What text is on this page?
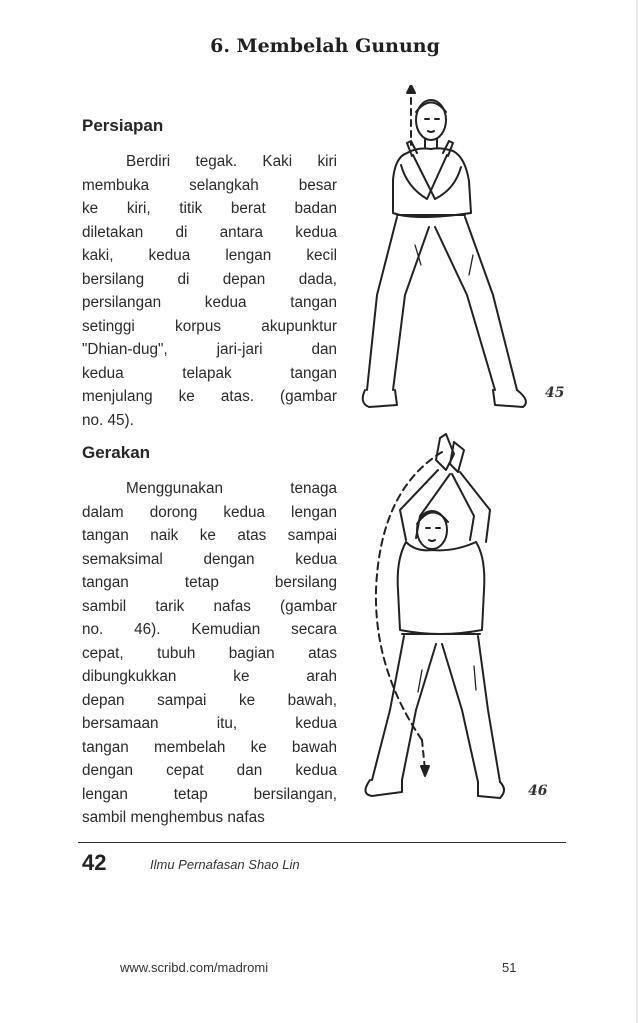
6. Membelah Gunung
Persiapan
Berdiri tegak. Kaki kiri
membuka selangkah besar
ke kiri, titik berat badan
diletakan di antara kedua
kaki, kedua lengan kecil
bersilang di depan dada,
persilangan kedua tangan
setinggi korpus akupunktur
"Dhian-dug", jari-jari dan
kedua telapak tangan
menjulang ke atas. (gambar
no. 45).
45
Gerakan
Menggunakan tenaga
dalam dorong kedua lengan
tangan naik ke atas sampai
semaksimal dengan kedua
tangan tetap bersilang
sambil tarik nafas (gambar
no. 46). Kemudian secara
cepat, tubuh bagian atas
dibungkukkan ke arah
depan sampai ke bawah,
bersamaan itu, kedua
tangan membelah ke bawah
dengan cepat dan kedua
lengan tetap bersilangan,
sambil menghembus nafas
46
42	Ilmu Pernafasan Shao Lin
www.scribd.com/madromi	51
